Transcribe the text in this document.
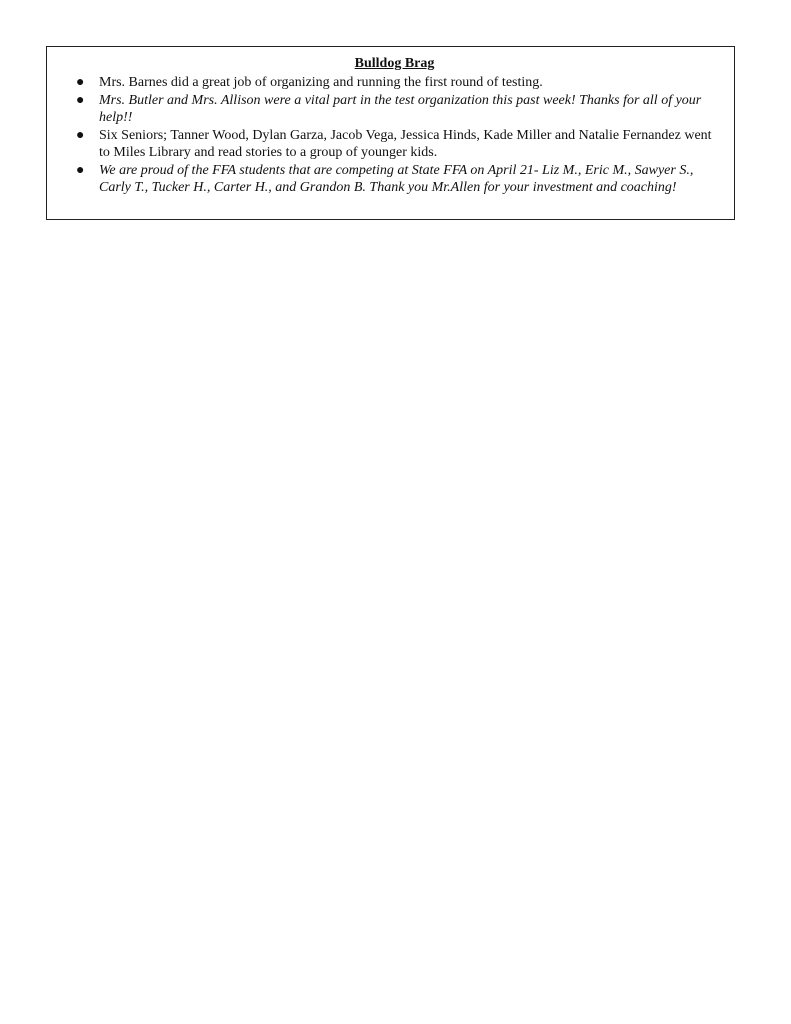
Bulldog Brag
● Mrs. Barnes did a great job of organizing and running the first round of testing.
● Mrs. Butler and Mrs. Allison were a vital part in the test organization this past week! Thanks for all of your help!!
● Six Seniors; Tanner Wood, Dylan Garza, Jacob Vega, Jessica Hinds, Kade Miller and Natalie Fernandez went to Miles Library and read stories to a group of younger kids.
● We are proud of the FFA students that are competing at State FFA on April 21- Liz M., Eric M., Sawyer S., Carly T., Tucker H., Carter H., and Grandon B. Thank you Mr.Allen for your investment and coaching!
